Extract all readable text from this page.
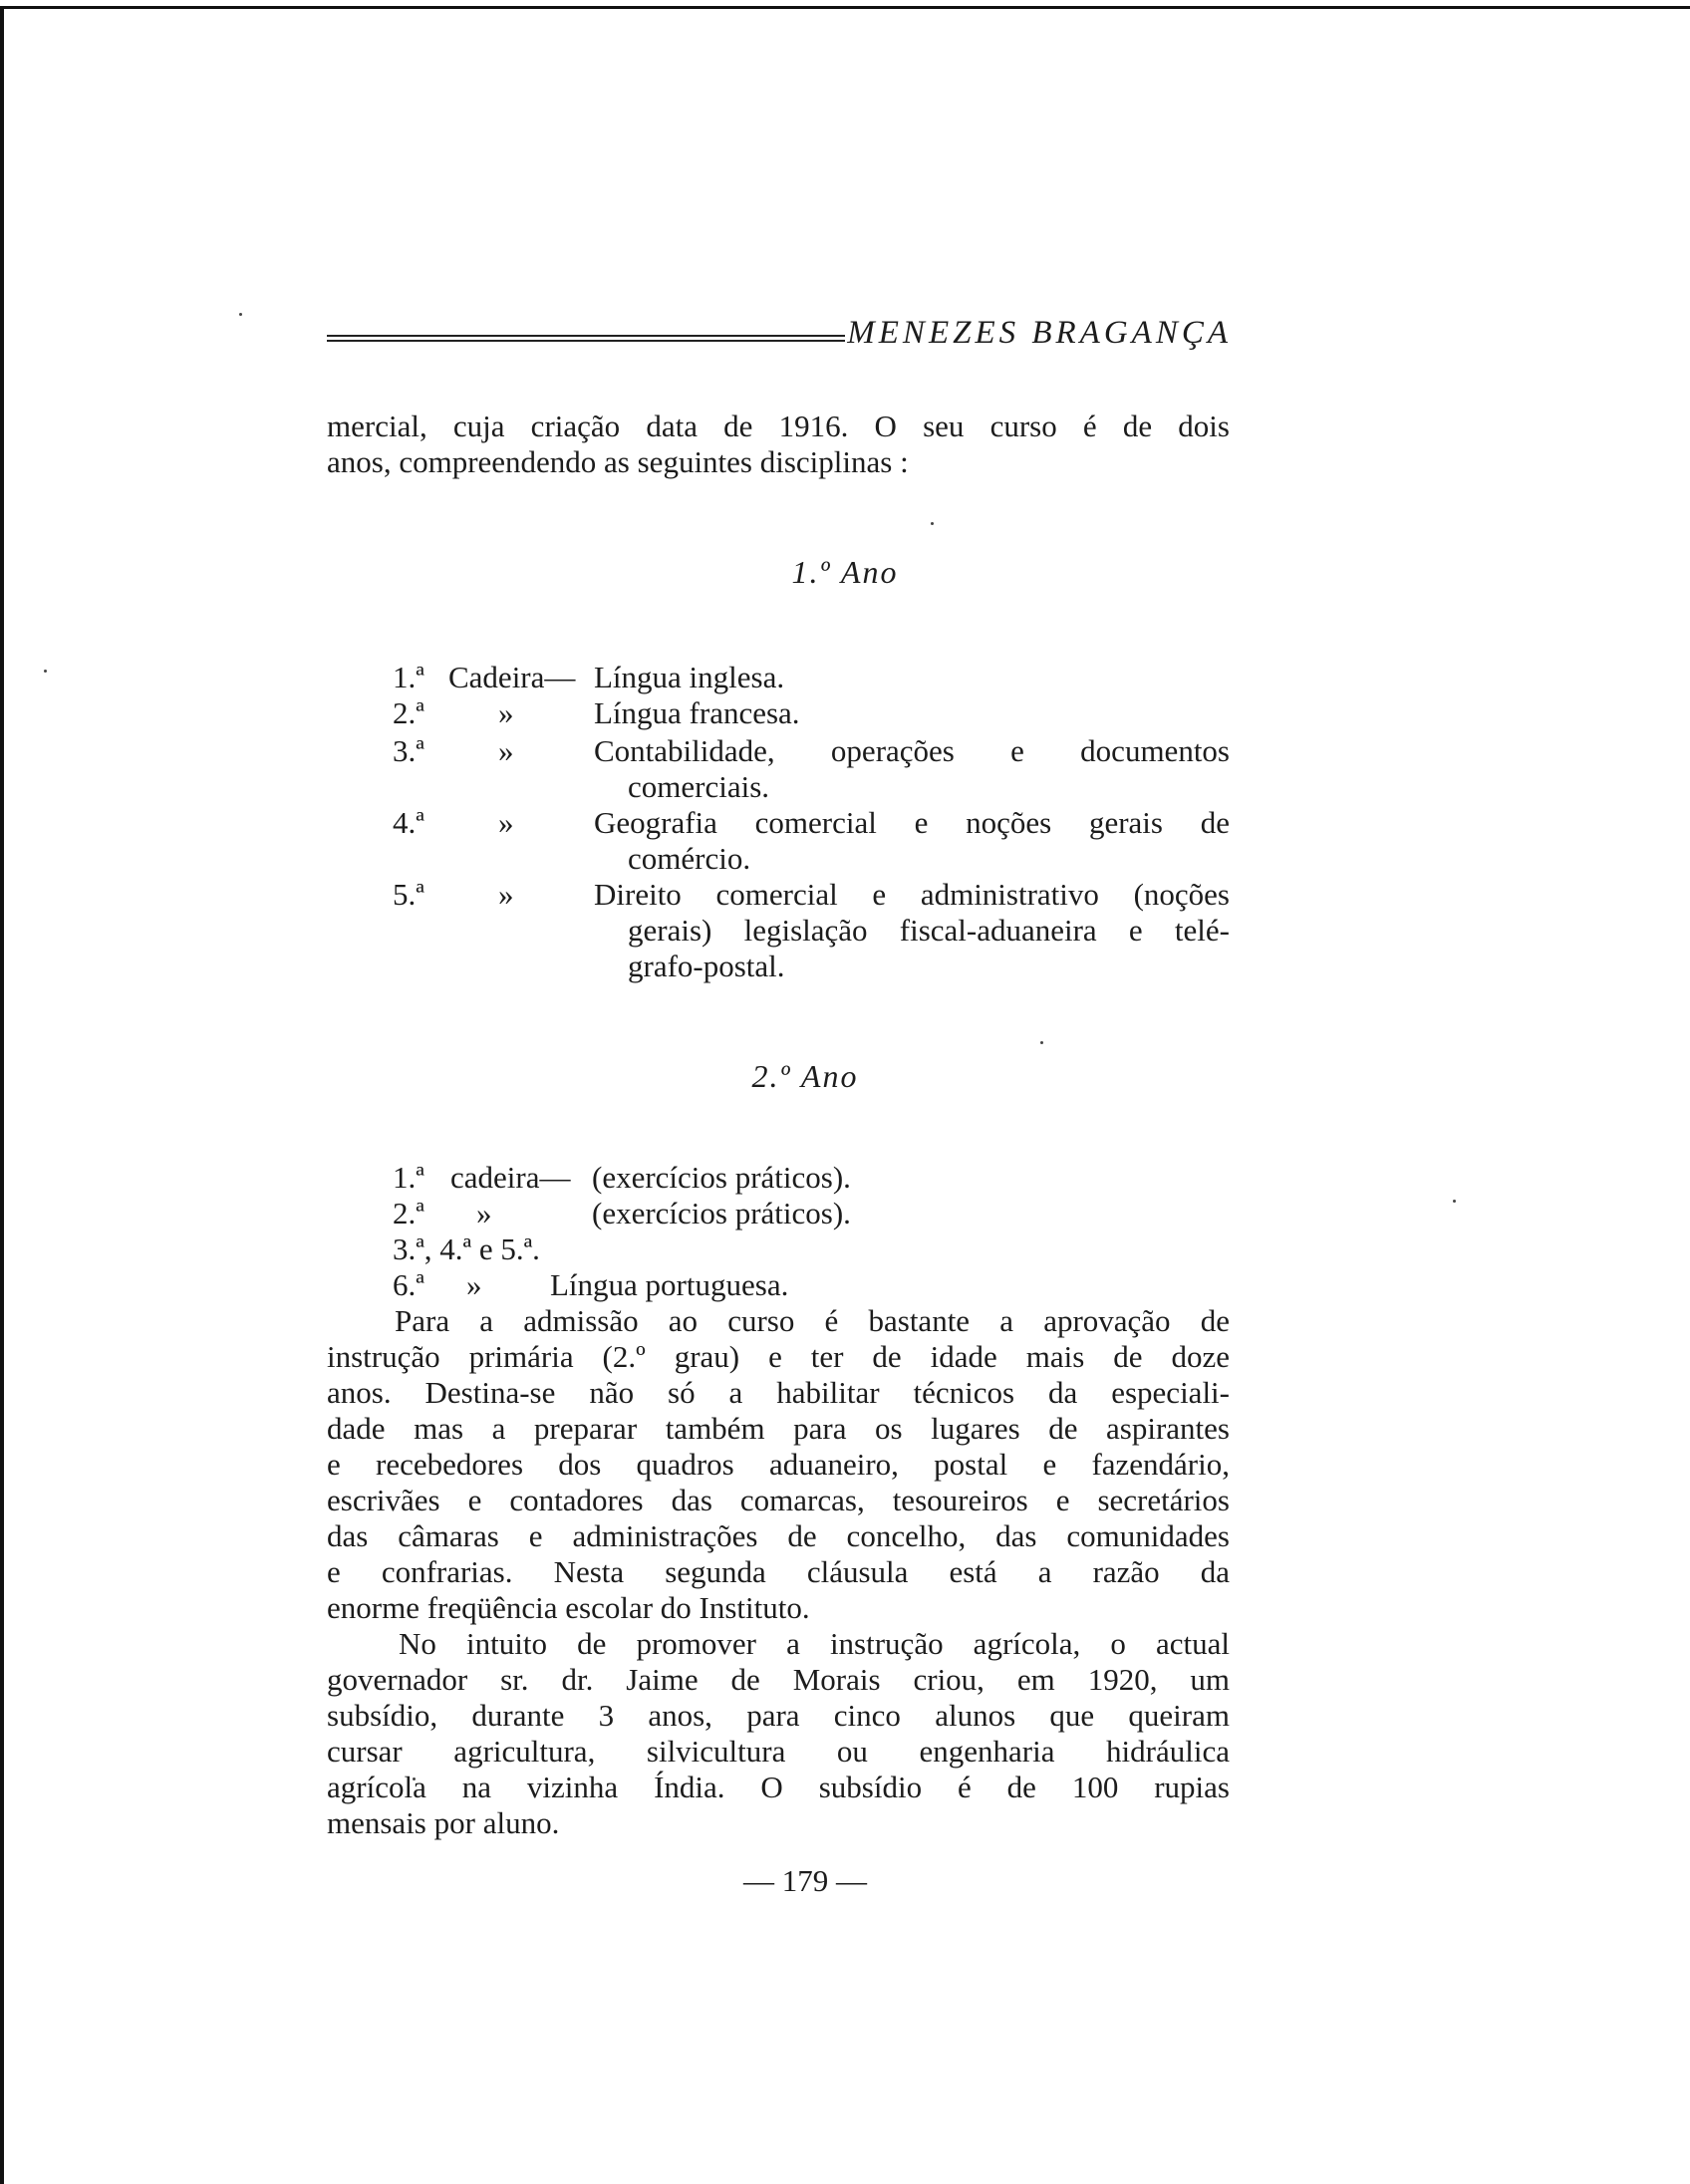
MENEZES BRAGANÇA
mercial, cuja criação data de 1916. O seu curso é de dois
anos, compreendendo as seguintes disciplinas :
1.º Ano
1.ª Cadeira— Língua inglesa.
2.ª »	Língua francesa.
3.ª »	Contabilidade, operações e documentos
comerciais.
4.ª »	Geografia comercial e noções gerais de
comércio.
5.ª »	Direito comercial e administrativo (noções
gerais) legislação fiscal-aduaneira e telé-
grafo-postal.
2.º Ano
1.ª cadeira— (exercícios práticos).
2.ª »	(exercícios práticos).
3.ª, 4.ª e 5.ª.
6.ª » Língua portuguesa.
Para a admissão ao curso é bastante a aprovação de
instrução primária (2.º grau) e ter de idade mais de doze
anos. Destina-se não só a habilitar técnicos da especiali-
dade mas a preparar também para os lugares de aspirantes
e recebedores dos quadros aduaneiro, postal e fazendário,
escrivães e contadores das comarcas, tesoureiros e secretários
das câmaras e administrações de concelho, das comunidades
e confrarias. Nesta segunda cláusula está a razão da
enorme freqüência escolar do Instituto.
No intuito de promover a instrução agrícola, o actual
governador sr. dr. Jaime de Morais criou, em 1920, um
subsídio, durante 3 anos, para cinco alunos que queiram
cursar agricultura, silvicultura ou engenharia hidráulica
agrícola na vizinha Índia. O subsídio é de 100 rupias
mensais por aluno.
— 179 —
